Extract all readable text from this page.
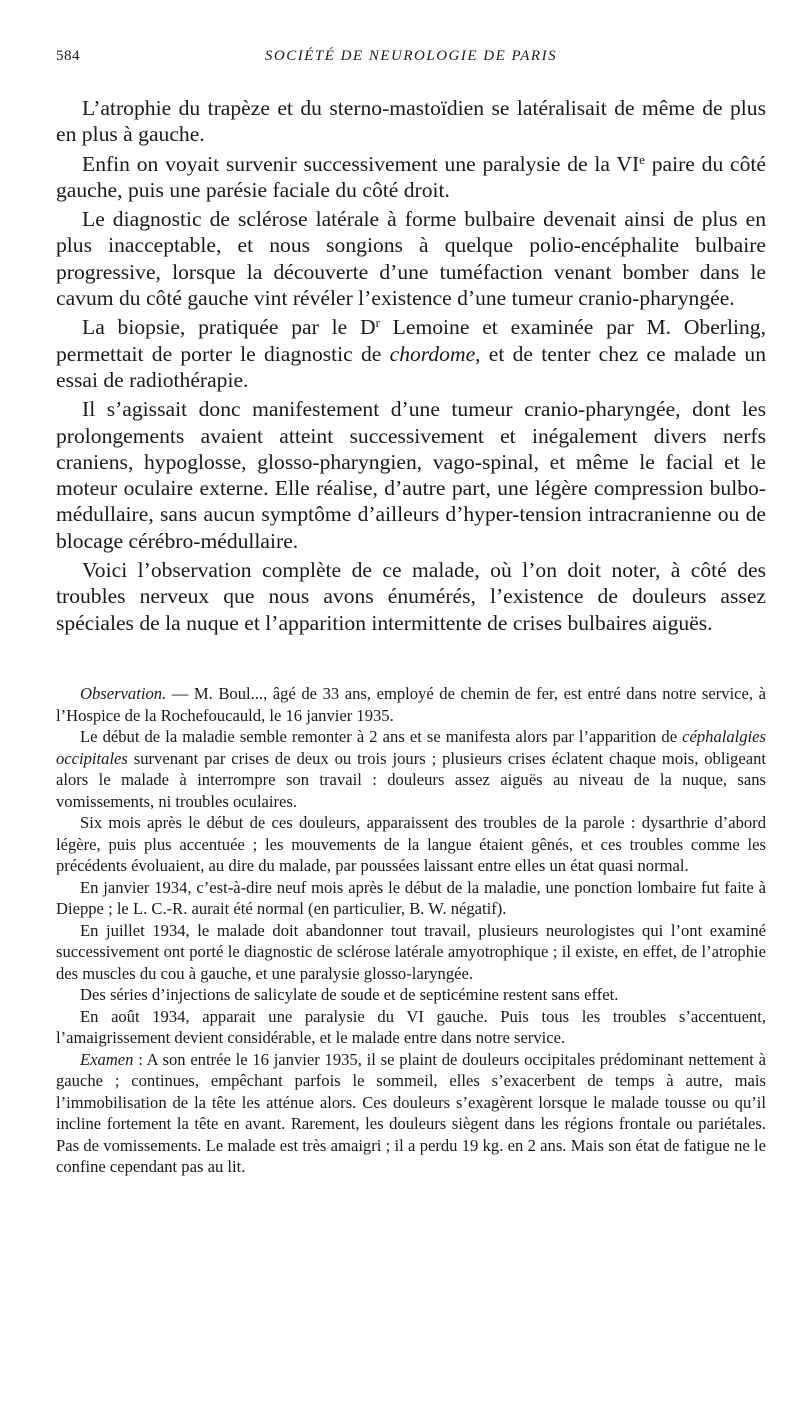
584	SOCIÉTÉ DE NEUROLOGIE DE PARIS

L’atrophie du trapèze et du sterno-mastoïdien se latéralisait de même de plus en plus à gauche.

Enfin on voyait survenir successivement une paralysie de la VIe paire du côté gauche, puis une parésie faciale du côté droit.

Le diagnostic de sclérose latérale à forme bulbaire devenait ainsi de plus en plus inacceptable, et nous songions à quelque polio-encéphalite bulbaire progressive, lorsque la découverte d’une tuméfaction venant bomber dans le cavum du côté gauche vint révéler l’existence d’une tumeur cranio-pharyngée.

La biopsie, pratiquée par le $D^r$ Lemoine et examinée par M. Oberling, permettait de porter le diagnostic de chordome, et de tenter chez ce malade un essai de radiothérapie.

Il s’agissait donc manifestement d’une tumeur cranio-pharyngée, dont les prolongements avaient atteint successivement et inégalement divers nerfs craniens, hypoglosse, glosso-pharyngien, vago-spinal, et même le facial et le moteur oculaire externe. Elle réalise, d’autre part, une légère compression bulbo-médullaire, sans aucun symptôme d’ailleurs d’hyper-tension intracranienne ou de blocage cérébro-médullaire.

Voici l’observation complète de ce malade, où l’on doit noter, à côté des troubles nerveux que nous avons énumérés, l’existence de douleurs assez spéciales de la nuque et l’apparition intermittente de crises bulbaires aiguës.

Observation. — M. Boul..., âgé de 33 ans, employé de chemin de fer, est entré dans notre service, à l’Hospice de la Rochefoucauld, le 16 janvier 1935.

Le début de la maladie semble remonter à 2 ans et se manifesta alors par l’apparition de céphalalgies occipitales survenant par crises de deux ou trois jours ; plusieurs crises éclatent chaque mois, obligeant alors le malade à interrompre son travail : douleurs assez aiguës au niveau de la nuque, sans vomissements, ni troubles oculaires.

Six mois après le début de ces douleurs, apparaissent des troubles de la parole : dysarthrie d’abord légère, puis plus accentuée ; les mouvements de la langue étaient gênés, et ces troubles comme les précédents évoluaient, au dire du malade, par poussées laissant entre elles un état quasi normal.

En janvier 1934, c’est-à-dire neuf mois après le début de la maladie, une ponction lombaire fut faite à Dieppe ; le L. C.-R. aurait été normal (en particulier, B. W. négatif).

En juillet 1934, le malade doit abandonner tout travail, plusieurs neurologistes qui l’ont examiné successivement ont porté le diagnostic de sclérose latérale amyotrophique ; il existe, en effet, de l’atrophie des muscles du cou à gauche, et une paralysie glosso-laryngée.

Des séries d’injections de salicylate de soude et de septicémine restent sans effet.

En août 1934, apparait une paralysie du VI gauche. Puis tous les troubles s’accentuent, l’amaigrissement devient considérable, et le malade entre dans notre service.

Examen : A son entrée le 16 janvier 1935, il se plaint de douleurs occipitales prédominant nettement à gauche ; continues, empêchant parfois le sommeil, elles s’exacerbent de temps à autre, mais l’immobilisation de la tête les atténue alors. Ces douleurs s’exagèrent lorsque le malade tousse ou qu’il incline fortement la tête en avant. Rarement, les douleurs siègent dans les régions frontale ou pariétales. Pas de vomissements. Le malade est très amaigri ; il a perdu 19 kg. en 2 ans. Mais son état de fatigue ne le confine cependant pas au lit.
